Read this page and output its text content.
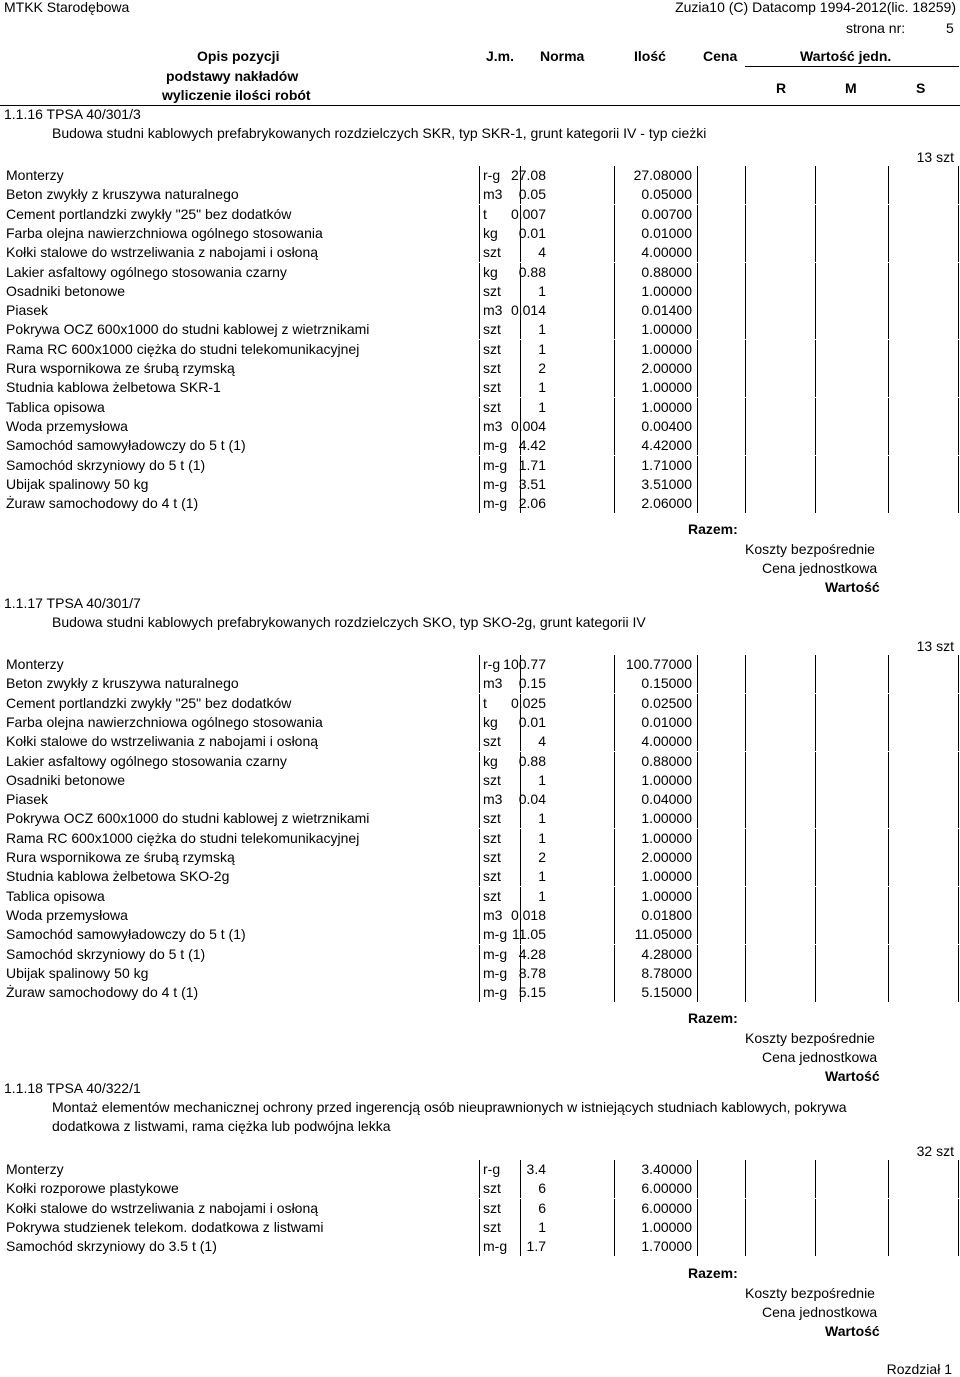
MTKK Starodębowa	Zuzia10 (C) Datacomp 1994-2012(lic. 18259)
strona nr:	5
Opis pozycji
podstawy nakładów
wyliczenie ilości robót
J.m. Norma	Ilość	Cena	Wartość jedn.
R	M	S
1.1.16 TPSA 40/301/3
Budowa studni kablowych prefabrykowanych rozdzielczych SKR, typ SKR-1, grunt kategorii IV - typ cieżki
13 szt
Monterzy	r-g 27.08	27.08000
Beton zwykły z kruszywa naturalnego	m3 0.05	0.05000
Cement portlandzki zwykły "25" bez dodatków	t 0.007	0.00700
Farba olejna nawierzchniowa ogólnego stosowania	kg 0.01	0.01000
Kołki stalowe do wstrzeliwania z nabojami i osłoną	szt	4	4.00000
Lakier asfaltowy ogólnego stosowania czarny	kg 0.88	0.88000
Osadniki betonowe	szt	1	1.00000
Piasek	m3 0.014	0.01400
Pokrywa OCZ 600x1000 do studni kablowej z wietrznikami	szt	1	1.00000
Rama RC 600x1000 ciężka do studni telekomunikacyjnej	szt	1	1.00000
Rura wspornikowa ze śrubą rzymską	szt	2	2.00000
Studnia kablowa żelbetowa SKR-1	szt	1	1.00000
Tablica opisowa	szt	1	1.00000
Woda przemysłowa	m3 0.004	0.00400
Samochód samowyładowczy do 5 t (1)	m-g 4.42	4.42000
Samochód skrzyniowy do 5 t (1)	m-g 1.71	1.71000
Ubijak spalinowy 50 kg	m-g 3.51	3.51000
Żuraw samochodowy do 4 t (1)	m-g 2.06	2.06000
Razem:
Koszty bezpośrednie
Cena jednostkowa
Wartość
1.1.17 TPSA 40/301/7
Budowa studni kablowych prefabrykowanych rozdzielczych SKO, typ SKO-2g, grunt kategorii IV
13 szt
Monterzy	r-g 100.77	100.77000
Beton zwykły z kruszywa naturalnego	m3 0.15	0.15000
Cement portlandzki zwykły "25" bez dodatków	t 0.025	0.02500
Farba olejna nawierzchniowa ogólnego stosowania	kg 0.01	0.01000
Kołki stalowe do wstrzeliwania z nabojami i osłoną	szt	4	4.00000
Lakier asfaltowy ogólnego stosowania czarny	kg 0.88	0.88000
Osadniki betonowe	szt	1	1.00000
Piasek	m3 0.04	0.04000
Pokrywa OCZ 600x1000 do studni kablowej z wietrznikami	szt	1	1.00000
Rama RC 600x1000 ciężka do studni telekomunikacyjnej	szt	1	1.00000
Rura wspornikowa ze śrubą rzymską	szt	2	2.00000
Studnia kablowa żelbetowa SKO-2g	szt	1	1.00000
Tablica opisowa	szt	1	1.00000
Woda przemysłowa	m3 0.018	0.01800
Samochód samowyładowczy do 5 t (1)	m-g 11.05	11.05000
Samochód skrzyniowy do 5 t (1)	m-g 4.28	4.28000
Ubijak spalinowy 50 kg	m-g 8.78	8.78000
Żuraw samochodowy do 4 t (1)	m-g 5.15	5.15000
Razem:
Koszty bezpośrednie
Cena jednostkowa
Wartość
1.1.18 TPSA 40/322/1
Montaż elementów mechanicznej ochrony przed ingerencją osób nieuprawnionych w istniejących studniach kablowych, pokrywa
dodatkowa z listwami, rama ciężka lub podwójna lekka
32 szt
Monterzy	r-g 3.4	3.40000
Kołki rozporowe plastykowe	szt	6	6.00000
Kołki stalowe do wstrzeliwania z nabojami i osłoną	szt	6	6.00000
Pokrywa studzienek telekom. dodatkowa z listwami	szt	1	1.00000
Samochód skrzyniowy do 3.5 t (1)	m-g 1.7	1.70000
Razem:
Koszty bezpośrednie
Cena jednostkowa
Wartość
Rozdział 1
